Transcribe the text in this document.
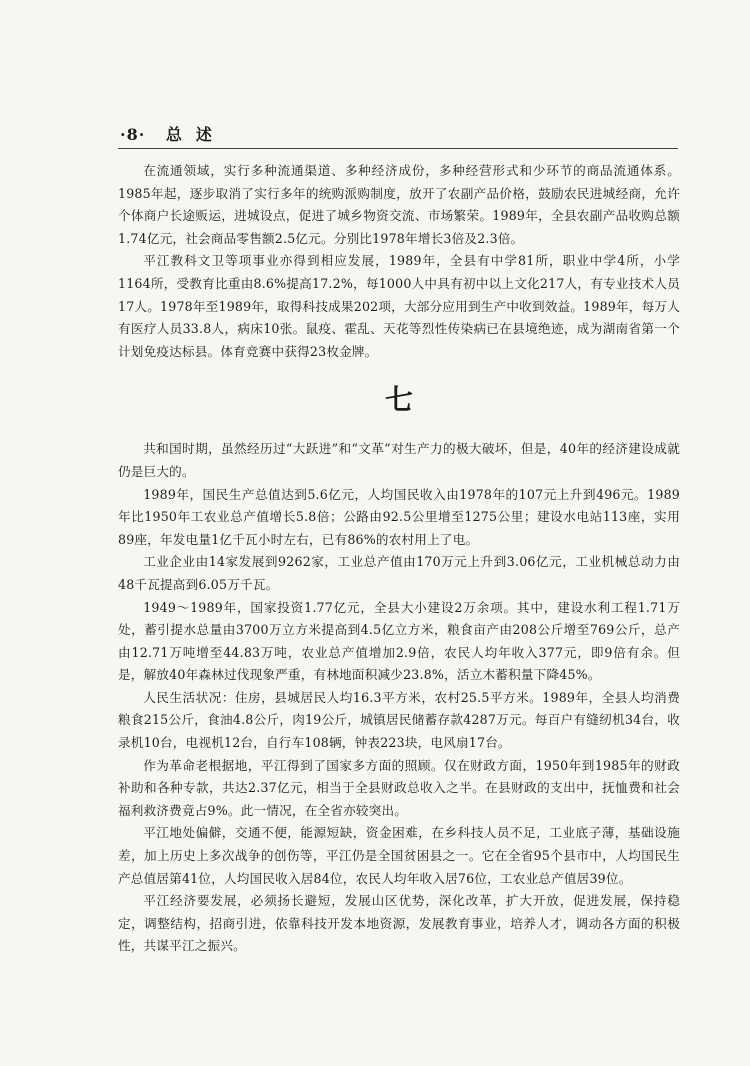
·8· 总述

在流通领域，实行多种流通渠道、多种经济成份，多种经营形式和少环节的商品流通体系。1985年起，逐步取消了实行多年的统购派购制度，放开了农副产品价格，鼓励农民进城经商，允许个体商户长途贩运，进城设点，促进了城乡物资交流、市场繁荣。1989年，全县农副产品收购总额1.74亿元，社会商品零售额2.5亿元。分别比1978年增长3倍及2.3倍。

平江教科文卫等项事业亦得到相应发展，1989年，全县有中学81所，职业中学4所，小学1164所，受教育比重由8.6%提高17.2%，每1000人中具有初中以上文化217人，有专业技术人员17人。1978年至1989年，取得科技成果202项，大部分应用到生产中收到效益。1989年，每万人有医疗人员33.8人，病床10张。鼠疫、霍乱、天花等烈性传染病已在县境绝迹，成为湖南省第一个计划免疫达标县。体育竞赛中获得23枚金牌。

七

共和国时期，虽然经历过“大跃进”和“文革”对生产力的极大破坏，但是，40年的经济建设成就仍是巨大的。

1989年，国民生产总值达到5.6亿元，人均国民收入由1978年的107元上升到496元。1989年比1950年工农业总产值增长5.8倍；公路由92.5公里增至1275公里；建设水电站113座，实用89座，年发电量1亿千瓦小时左右，已有86%的农村用上了电。

工业企业由14家发展到9262家，工业总产值由170万元上升到3.06亿元，工业机械总动力由48千瓦提高到6.05万千瓦。

1949～1989年，国家投资1.77亿元，全县大小建设2万余项。其中，建设水利工程1.71万处，蓄引提水总量由3700万立方米提高到4.5亿立方米，粮食亩产由208公斤增至769公斤，总产由12.71万吨增至44.83万吨，农业总产值增加2.9倍，农民人均年收入377元，即9倍有余。但是，解放40年森林过伐现象严重，有林地面积减少23.8%，活立木蓄积量下降45%。

人民生活状况：住房，县城居民人均16.3平方米，农村25.5平方米。1989年，全县人均消费粮食215公斤，食油4.8公斤，肉19公斤，城镇居民储蓄存款4287万元。每百户有缝纫机34台，收录机10台，电视机12台，自行车108辆，钟表223块，电风扇17台。

作为革命老根据地，平江得到了国家多方面的照顾。仅在财政方面，1950年到1985年的财政补助和各种专款，共达2.37亿元，相当于全县财政总收入之半。在县财政的支出中，抚恤费和社会福利救济费竟占9%。此一情况，在全省亦较突出。

平江地处偏僻，交通不便，能源短缺，资金困难，在乡科技人员不足，工业底子薄，基础设施差，加上历史上多次战争的创伤等，平江仍是全国贫困县之一。它在全省95个县市中，人均国民生产总值居第41位，人均国民收入居84位，农民人均年收入居76位，工农业总产值居39位。

平江经济要发展，必须扬长避短，发展山区优势，深化改革，扩大开放，促进发展，保持稳定，调整结构，招商引进，依靠科技开发本地资源，发展教育事业，培养人才，调动各方面的积极性，共谋平江之振兴。
